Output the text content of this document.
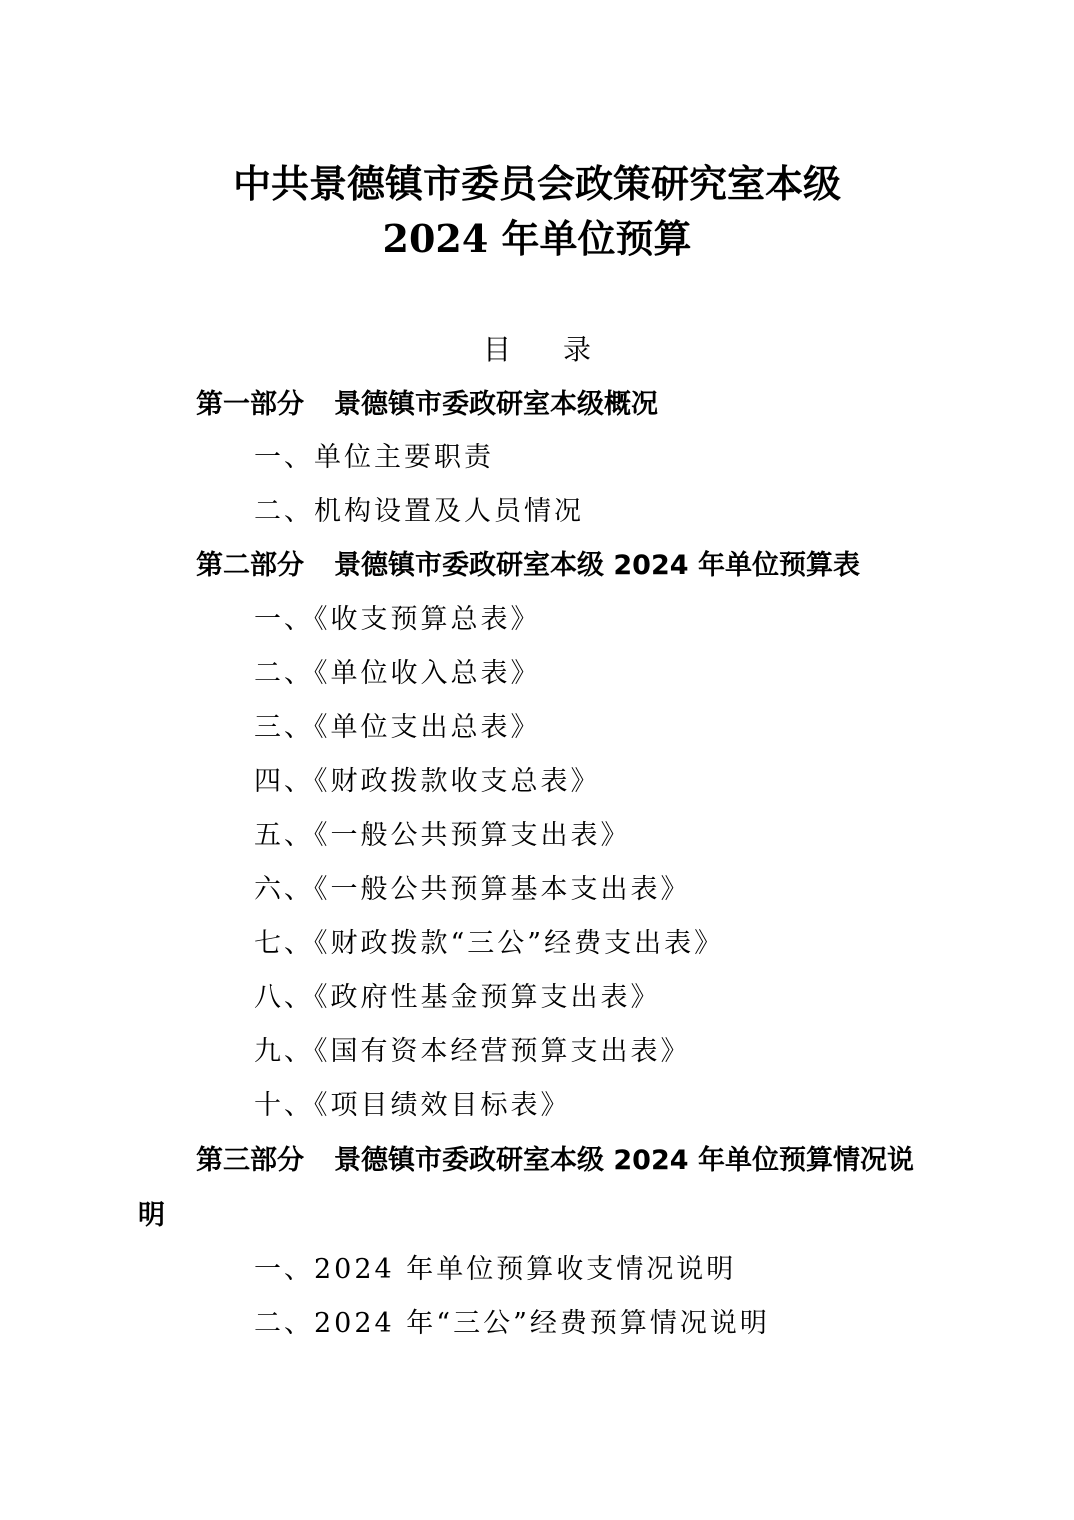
中共景德镇市委员会政策研究室本级
2024 年单位预算
目录
第一部分 景德镇市委政研室本级概况
一、单位主要职责
二、机构设置及人员情况
第二部分 景德镇市委政研室本级 2024 年单位预算表
一、《收支预算总表》
二、《单位收入总表》
三、《单位支出总表》
四、《财政拨款收支总表》
五、《一般公共预算支出表》
六、《一般公共预算基本支出表》
七、《财政拨款“三公”经费支出表》
八、《政府性基金预算支出表》
九、《国有资本经营预算支出表》
十、《项目绩效目标表》
第三部分 景德镇市委政研室本级 2024 年单位预算情况说
明
一、2024 年单位预算收支情况说明
二、2024 年“三公”经费预算情况说明
